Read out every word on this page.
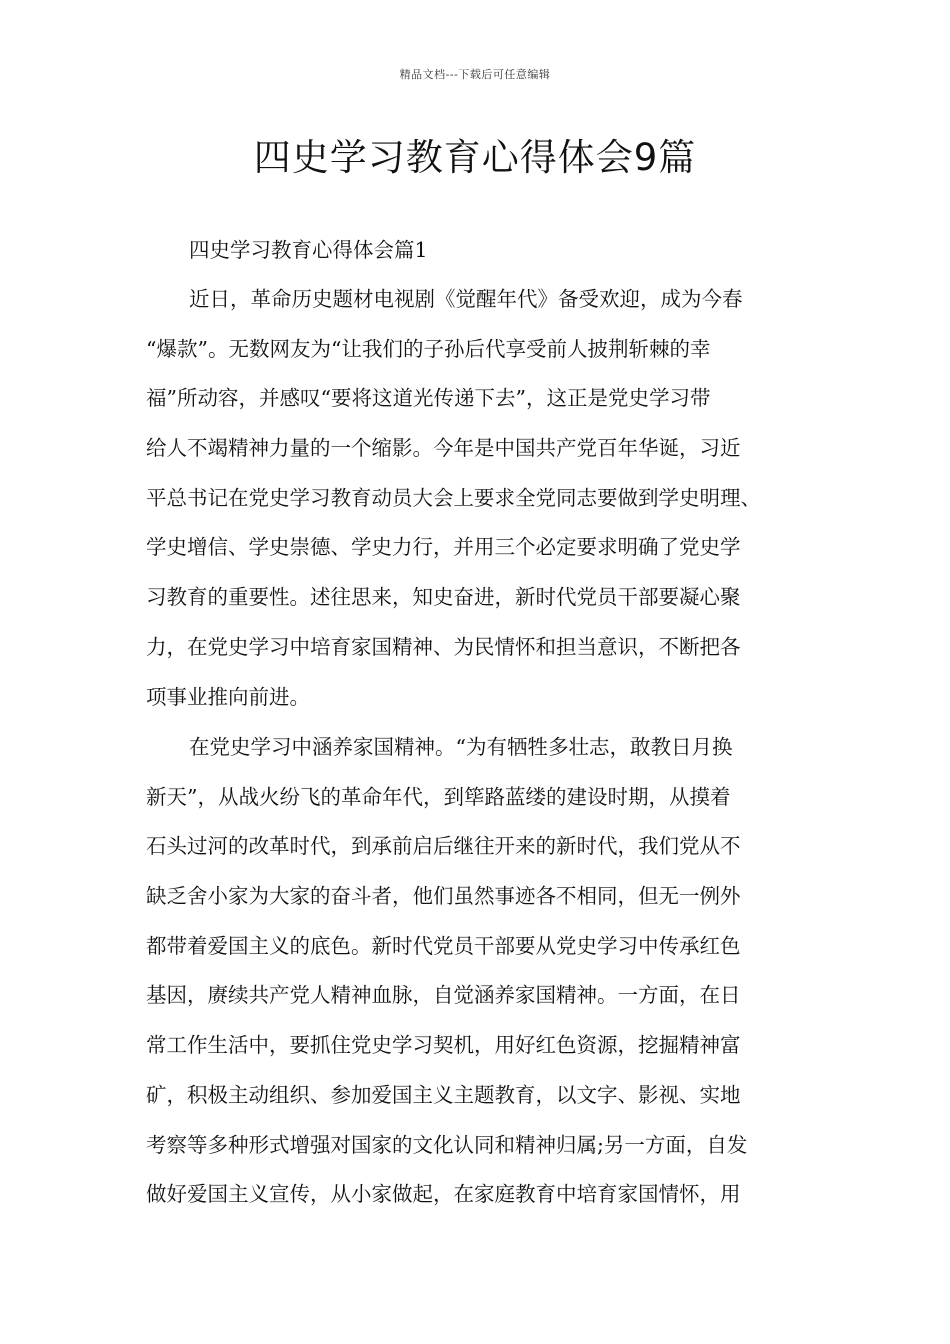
精品文档---下载后可任意编辑
四史学习教育心得体会9篇
四史学习教育心得体会篇1
近日，革命历史题材电视剧《觉醒年代》备受欢迎，成为今春
“爆款”。无数网友为“让我们的子孙后代享受前人披荆斩棘的幸
福”所动容，并感叹“要将这道光传递下去”，这正是党史学习带
给人不竭精神力量的一个缩影。今年是中国共产党百年华诞，习近
平总书记在党史学习教育动员大会上要求全党同志要做到学史明理、
学史增信、学史崇德、学史力行，并用三个必定要求明确了党史学
习教育的重要性。述往思来，知史奋进，新时代党员干部要凝心聚
力，在党史学习中培育家国精神、为民情怀和担当意识，不断把各
项事业推向前进。
在党史学习中涵养家国精神。“为有牺牲多壮志，敢教日月换
新天”，从战火纷飞的革命年代，到筚路蓝缕的建设时期，从摸着
石头过河的改革时代，到承前启后继往开来的新时代，我们党从不
缺乏舍小家为大家的奋斗者，他们虽然事迹各不相同，但无一例外
都带着爱国主义的底色。新时代党员干部要从党史学习中传承红色
基因，赓续共产党人精神血脉，自觉涵养家国精神。一方面，在日
常工作生活中，要抓住党史学习契机，用好红色资源，挖掘精神富
矿，积极主动组织、参加爱国主义主题教育，以文字、影视、实地
考察等多种形式增强对国家的文化认同和精神归属;另一方面，自发
做好爱国主义宣传，从小家做起，在家庭教育中培育家国情怀，用
